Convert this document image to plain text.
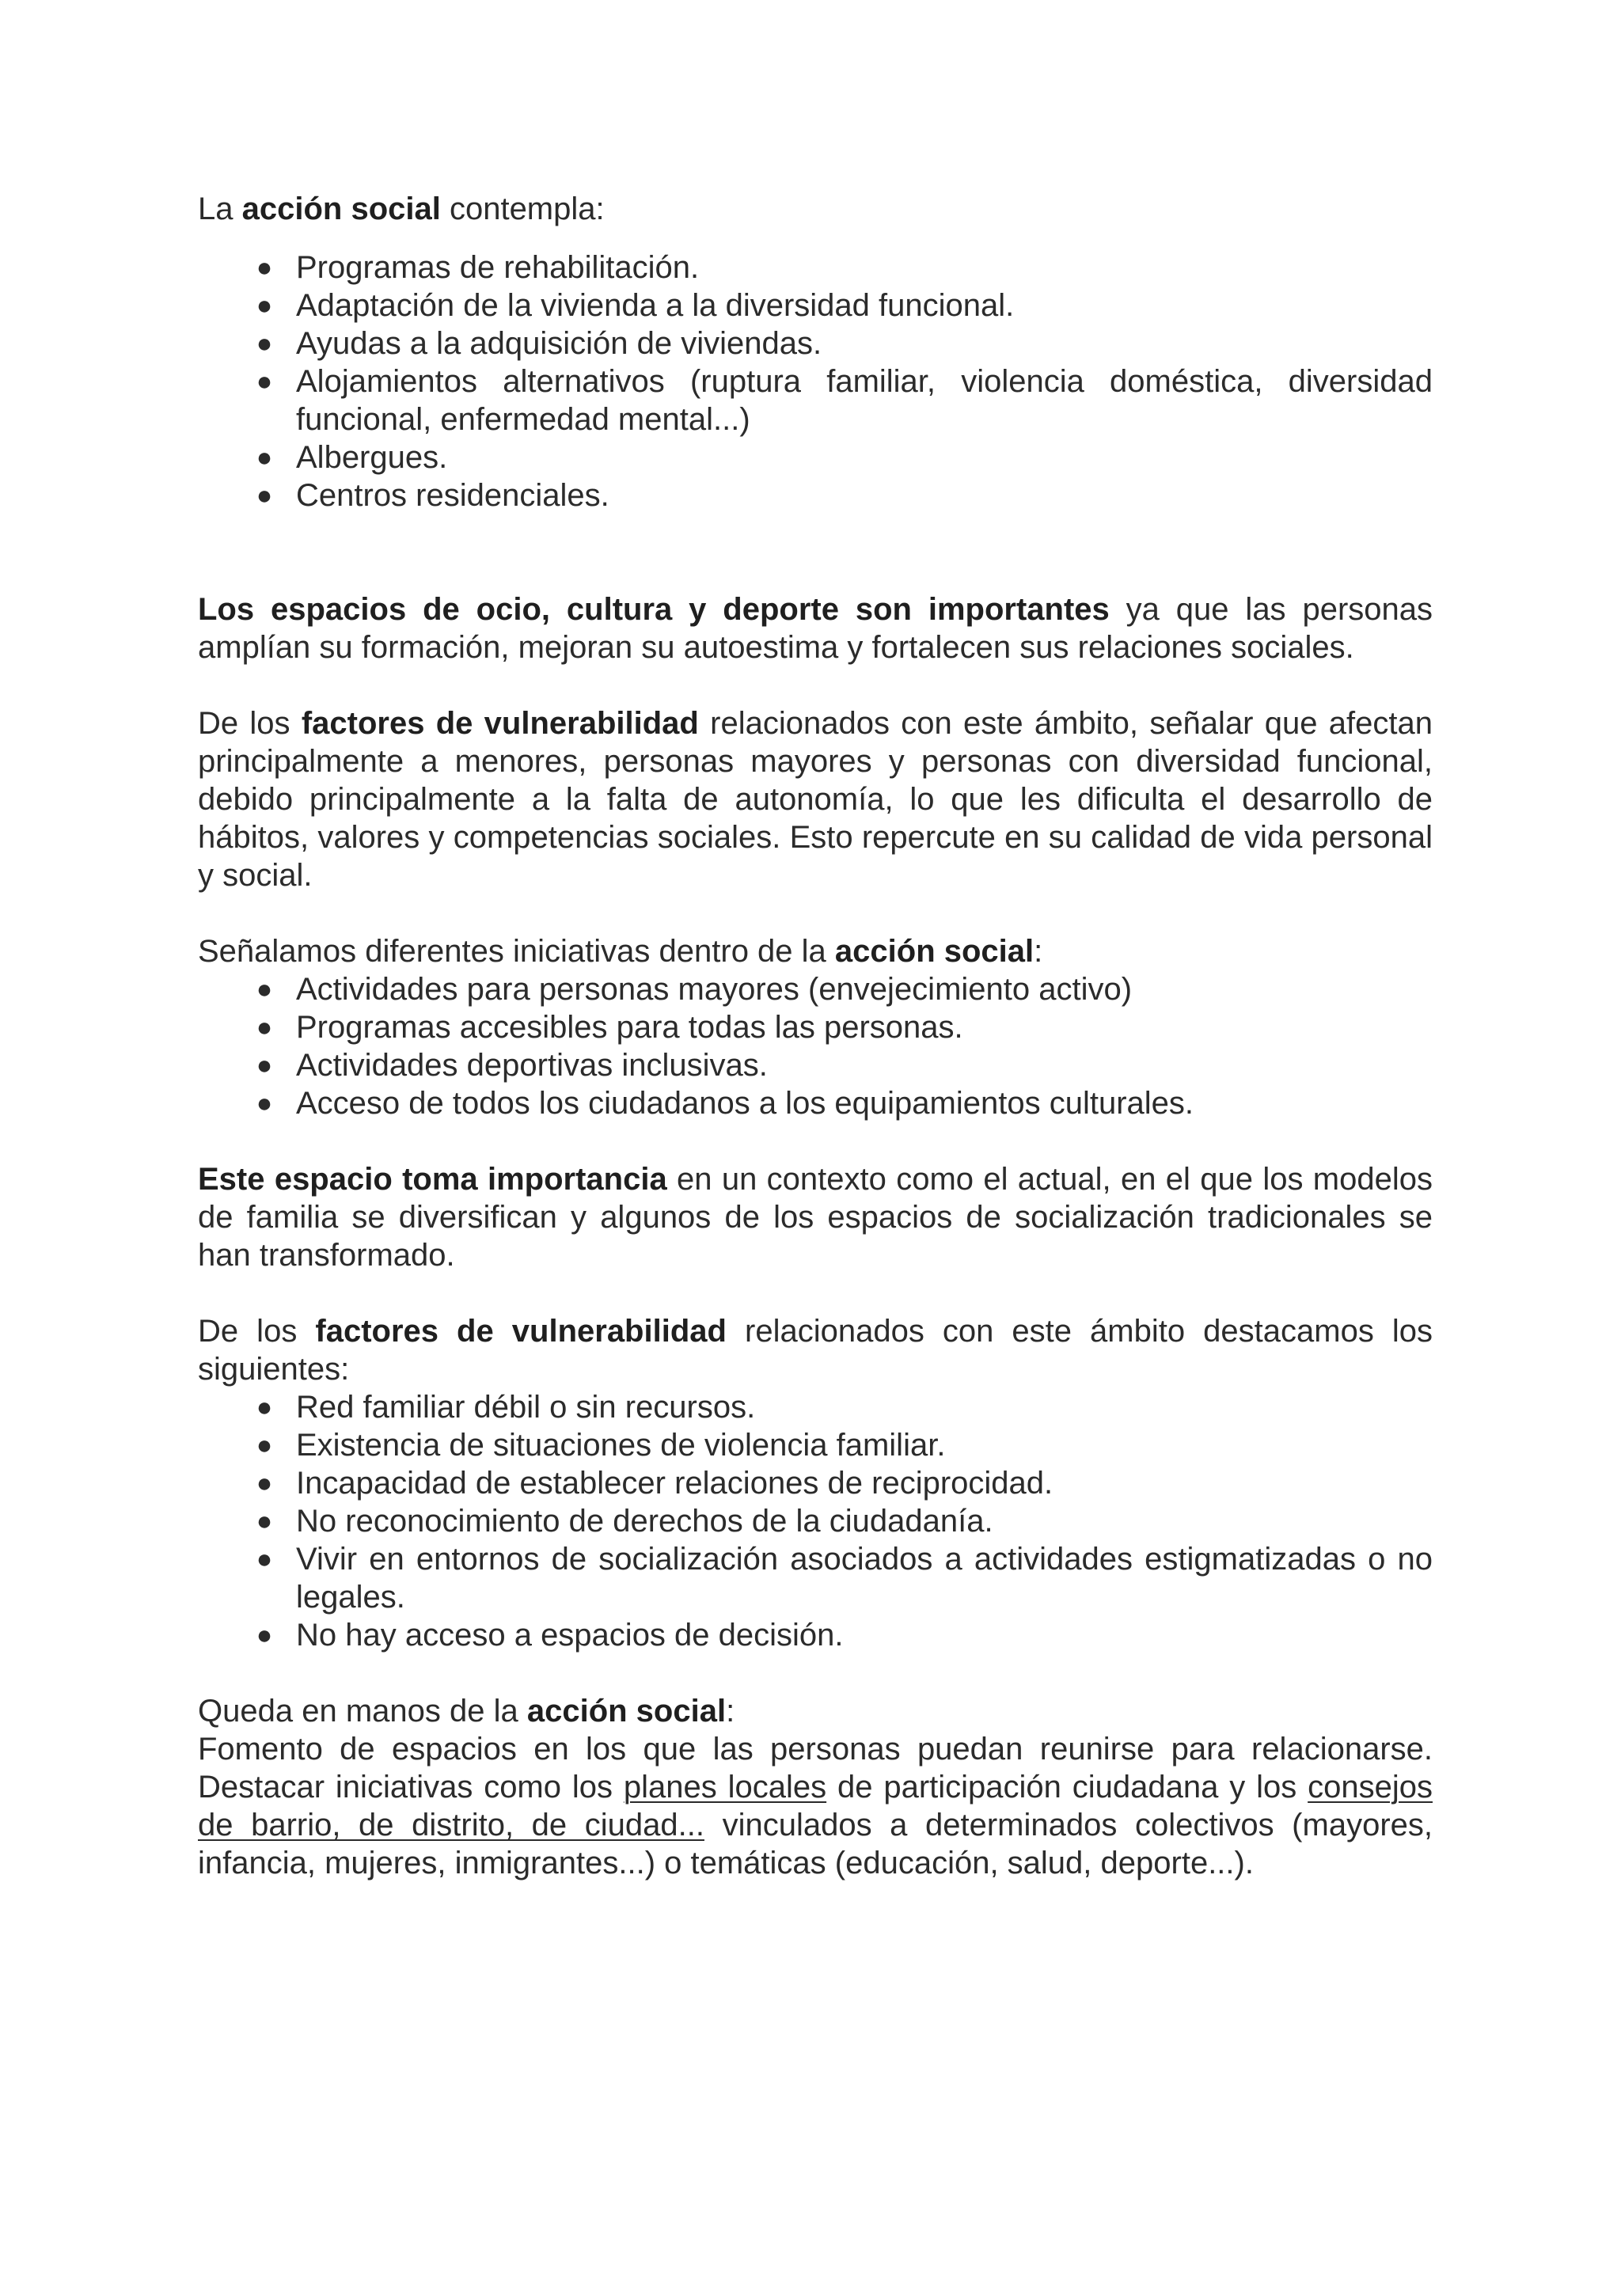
La acción social contempla:

● Programas de rehabilitación.
● Adaptación de la vivienda a la diversidad funcional.
● Ayudas a la adquisición de viviendas.
● Alojamientos alternativos (ruptura familiar, violencia doméstica, diversidad funcional, enfermedad mental...)
● Albergues.
● Centros residenciales.

Los espacios de ocio, cultura y deporte son importantes ya que las personas amplían su formación, mejoran su autoestima y fortalecen sus relaciones sociales.

De los factores de vulnerabilidad relacionados con este ámbito, señalar que afectan principalmente a menores, personas mayores y personas con diversidad funcional, debido principalmente a la falta de autonomía, lo que les dificulta el desarrollo de hábitos, valores y competencias sociales. Esto repercute en su calidad de vida personal y social.

Señalamos diferentes iniciativas dentro de la acción social:

● Actividades para personas mayores (envejecimiento activo)
● Programas accesibles para todas las personas.
● Actividades deportivas inclusivas.
● Acceso de todos los ciudadanos a los equipamientos culturales.

Este espacio toma importancia en un contexto como el actual, en el que los modelos de familia se diversifican y algunos de los espacios de socialización tradicionales se han transformado.

De los factores de vulnerabilidad relacionados con este ámbito destacamos los siguientes:

● Red familiar débil o sin recursos.
● Existencia de situaciones de violencia familiar.
● Incapacidad de establecer relaciones de reciprocidad.
● No reconocimiento de derechos de la ciudadanía.
● Vivir en entornos de socialización asociados a actividades estigmatizadas o no legales.
● No hay acceso a espacios de decisión.

Queda en manos de la acción social:

Fomento de espacios en los que las personas puedan reunirse para relacionarse. Destacar iniciativas como los planes locales de participación ciudadana y los consejos de barrio, de distrito, de ciudad... vinculados a determinados colectivos (mayores, infancia, mujeres, inmigrantes...) o temáticas (educación, salud, deporte...).
